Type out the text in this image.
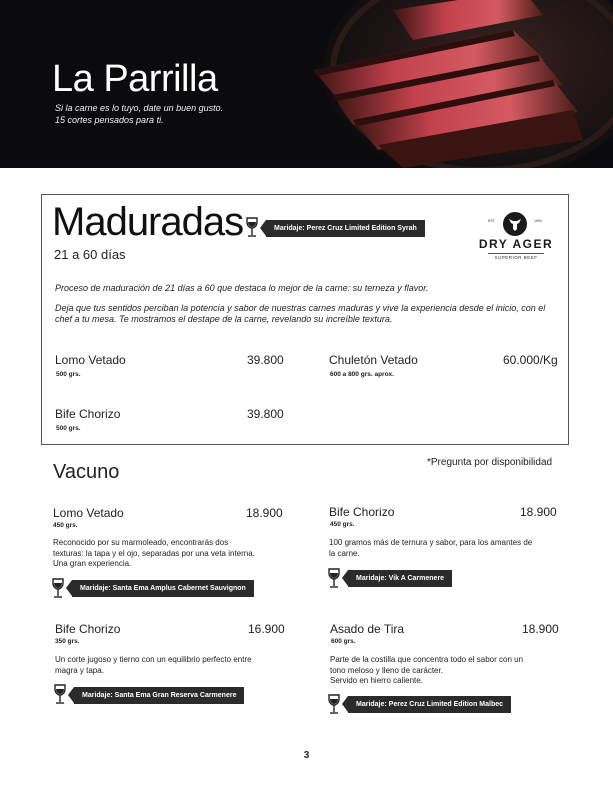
La Parrilla
Si la carne es lo tuyo, date un buen gusto.
15 cortes pensados para ti.
Maduradas
21 a 60 días
Maridaje: Perez Cruz Limited Edition Syrah
EST	1994
DRY AGER
SUPERIOR BEEF

Proceso de maduración de 21 días a 60 que destaca lo mejor de la carne: su terneza y flavor.

Deja que tus sentidos perciban la potencia y sabor de nuestras carnes maduras y vive la experiencia desde el inicio, con el chef a tu mesa. Te mostramos el destape de la carne, revelando su increíble textura.

Lomo Vetado
500 grs.
39.800	Chuletón Vetado
600 a 800 grs. aprox.
60.000/Kg
Bife Chorizo
500 grs.
39.800
Vacuno	*Pregunta por disponibilidad
Lomo Vetado
450 grs.
18.900
Reconocido por su marmoleado, encontrarás dos
texturas: la tapa y el ojo, separadas por una veta interna.
Una gran experiencia.
Maridaje: Santa Ema Amplus Cabernet Sauvignon
Bife Chorizo
450 grs.
18.900
100 gramos más de ternura y sabor, para los amantes de
la carne.
Maridaje: Vik A Carmenere
Bife Chorizo
350 grs.
16.900
Un corte jugoso y tierno con un equilibrio perfecto entre
magra y tapa.
Maridaje: Santa Ema Gran Reserva Carmenere
Asado de Tira
600 grs.
18.900
Parte de la costilla que concentra todo el sabor con un
tono meloso y lleno de carácter.
Servido en hierro caliente.
Maridaje: Perez Cruz Limited Edition Malbec
3
